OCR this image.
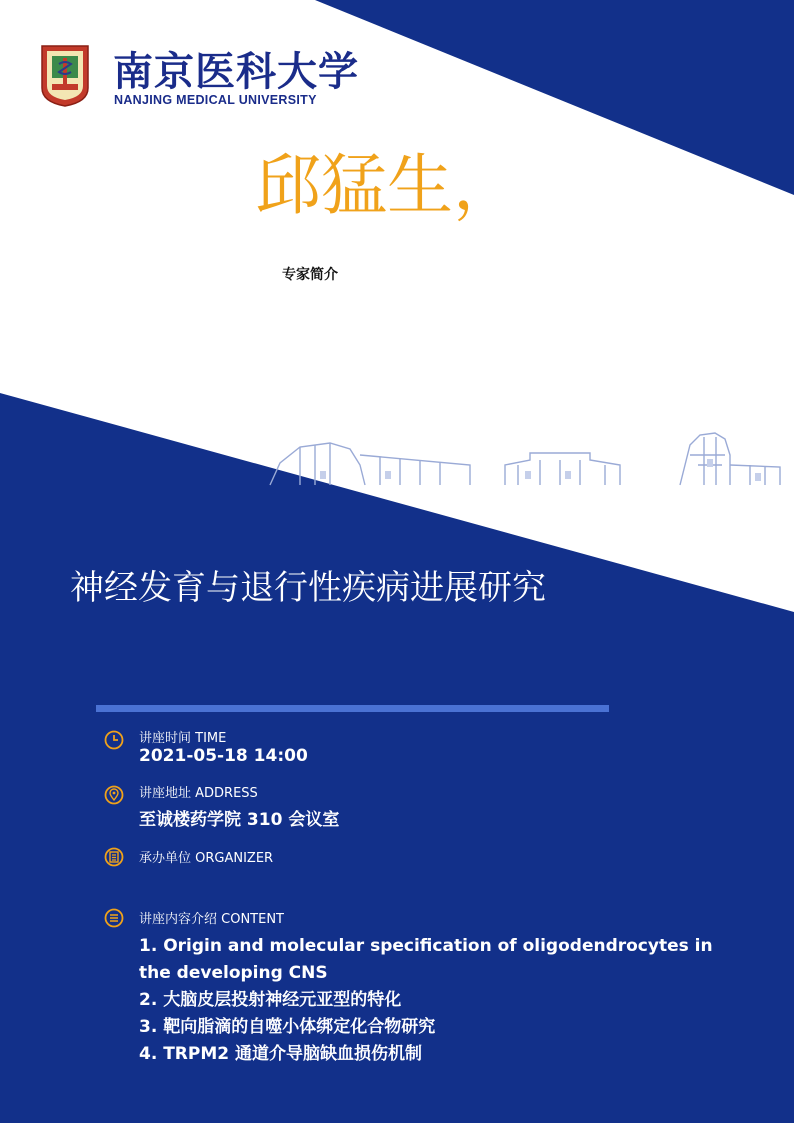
南京医科大学
NANJING MEDICAL UNIVERSITY
邱猛生，
专家简介
神经发育与退行性疾病进展研究
讲座时间 TIME
2021-05-18 14:00
讲座地址 ADDRESS
至诚楼药学院 310 会议室
承办单位 ORGANIZER
讲座内容介绍 CONTENT
1. Origin and molecular specification of oligodendrocytes in the developing CNS
2. 大脑皮层投射神经元亚型的特化
3. 靶向脂滴的自噬小体绑定化合物研究
4. TRPM2 通道介导脑缺血损伤机制
